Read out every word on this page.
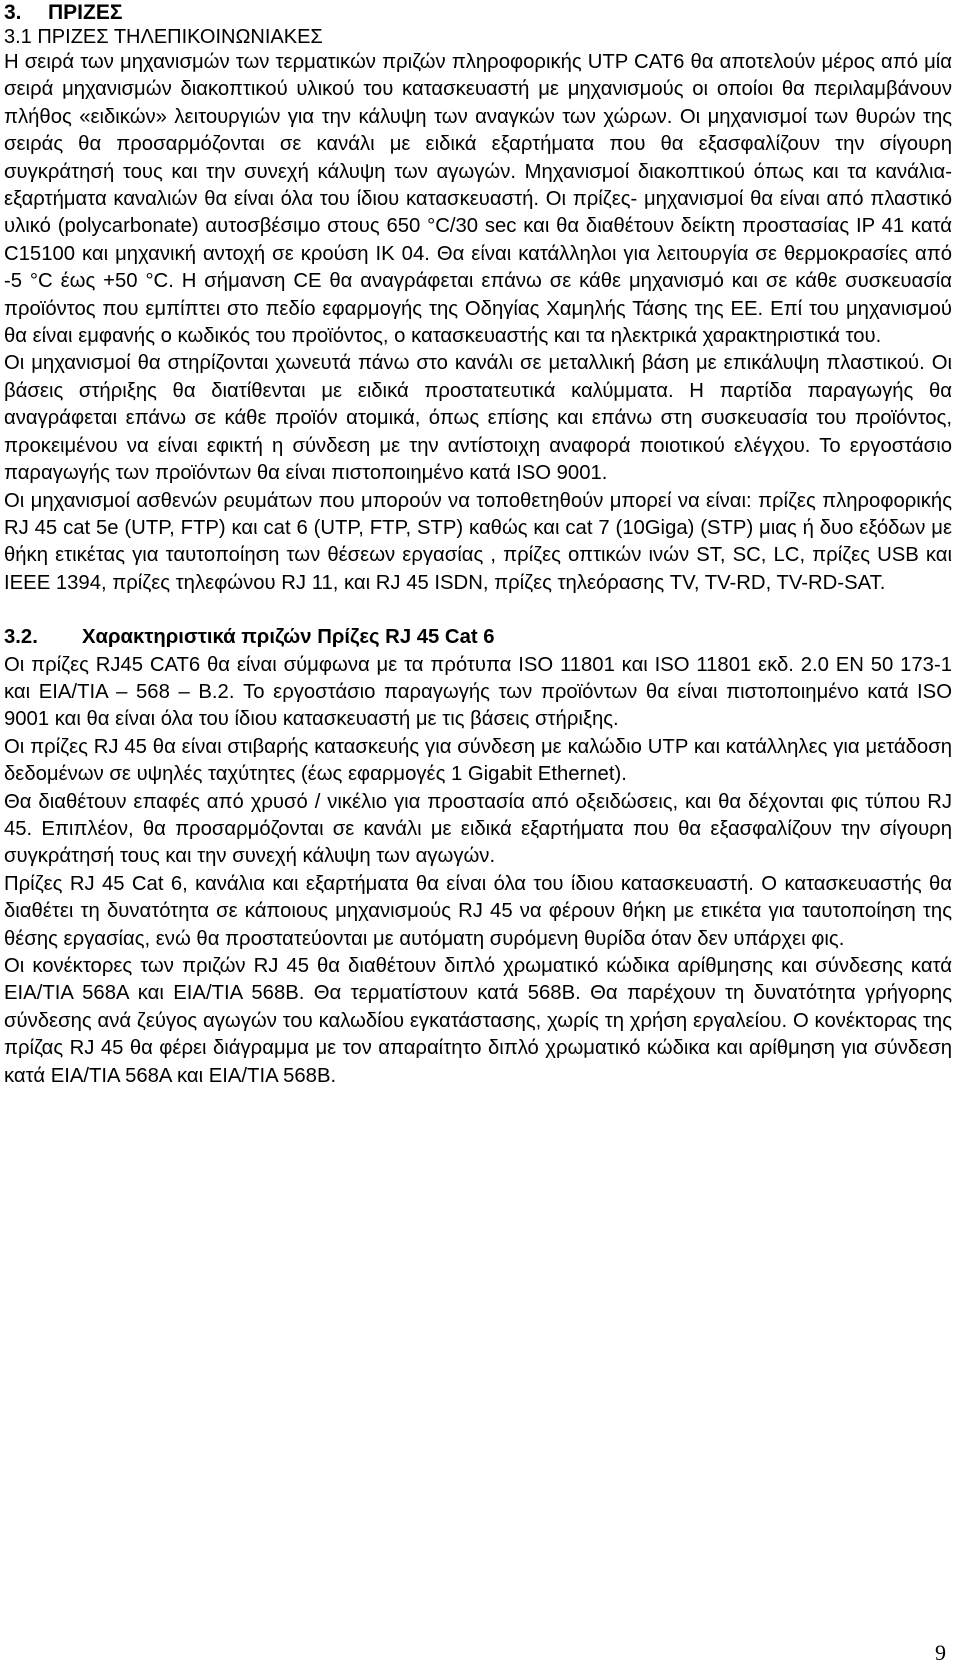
3.	ΠΡΙΖΕΣ
3.1 ΠΡΙΖΕΣ ΤΗΛΕΠΙΚΟΙΝΩΝΙΑΚΕΣ

Η σειρά των μηχανισμών των τερματικών πριζών πληροφορικής UTP CAT6 θα αποτελούν μέρος από μία σειρά μηχανισμών διακοπτικού υλικού του κατασκευαστή με μηχανισμούς οι οποίοι θα περιλαμβάνουν πλήθος «ειδικών» λειτουργιών για την κάλυψη των αναγκών των χώρων. Οι μηχανισμοί των θυρών της σειράς θα προσαρμόζονται σε κανάλι με ειδικά εξαρτήματα που θα εξασφαλίζουν την σίγουρη συγκράτησή τους και την συνεχή κάλυψη των αγωγών. Μηχανισμοί διακοπτικού όπως και τα κανάλια- εξαρτήματα καναλιών θα είναι όλα του ίδιου κατασκευαστή. Οι πρίζες- μηχανισμοί θα είναι από πλαστικό υλικό (polycarbonate) αυτοσβέσιμο στους 650 °C/30 sec και θα διαθέτουν δείκτη προστασίας IP 41 κατά C15100 και μηχανική αντοχή σε κρούση IK 04. Θα είναι κατάλληλοι για λειτουργία σε θερμοκρασίες από -5 °C έως +50 °C. Η σήμανση CE θα αναγράφεται επάνω σε κάθε μηχανισμό και σε κάθε συσκευασία προϊόντος που εμπίπτει στο πεδίο εφαρμογής της Οδηγίας Χαμηλής Τάσης της ΕΕ. Επί του μηχανισμού θα είναι εμφανής ο κωδικός του προϊόντος, ο κατασκευαστής και τα ηλεκτρικά χαρακτηριστικά του.

Οι μηχανισμοί θα στηρίζονται χωνευτά πάνω στο κανάλι σε μεταλλική βάση με επικάλυψη πλαστικού. Οι βάσεις στήριξης θα διατίθενται με ειδικά προστατευτικά καλύμματα. Η παρτίδα παραγωγής θα αναγράφεται επάνω σε κάθε προϊόν ατομικά, όπως επίσης και επάνω στη συσκευασία του προϊόντος, προκειμένου να είναι εφικτή η σύνδεση με την αντίστοιχη αναφορά ποιοτικού ελέγχου. Το εργοστάσιο παραγωγής των προϊόντων θα είναι πιστοποιημένο κατά ISO 9001.

Οι μηχανισμοί ασθενών ρευμάτων που μπορούν να τοποθετηθούν μπορεί να είναι: πρίζες πληροφορικής RJ 45 cat 5e (UTP, FTP) και cat 6 (UTP, FTP, STP) καθώς και cat 7 (10Giga) (STP) μιας ή δυο εξόδων με θήκη ετικέτας για ταυτοποίηση των θέσεων εργασίας , πρίζες οπτικών ινών ST, SC, LC, πρίζες USB και IEEE 1394, πρίζες τηλεφώνου RJ 11, και RJ 45 ISDN, πρίζες τηλεόρασης TV, TV-RD, TV-RD-SAT.

3.2.	Χαρακτηριστικά πριζών Πρίζες RJ 45 Cat 6

Οι πρίζες RJ45 CAT6 θα είναι σύμφωνα με τα πρότυπα ISO 11801 και ISO 11801 εκδ. 2.0 EN 50 173-1 και EIA/TIA – 568 – B.2. Το εργοστάσιο παραγωγής των προϊόντων θα είναι πιστοποιημένο κατά ISO 9001 και θα είναι όλα του ίδιου κατασκευαστή με τις βάσεις στήριξης.

Οι πρίζες RJ 45 θα είναι στιβαρής κατασκευής για σύνδεση με καλώδιο UTP και κατάλληλες για μετάδοση δεδομένων σε υψηλές ταχύτητες (έως εφαρμογές 1 Gigabit Ethernet).

Θα διαθέτουν επαφές από χρυσό / νικέλιο για προστασία από οξειδώσεις, και θα δέχονται φις τύπου RJ 45. Επιπλέον, θα προσαρμόζονται σε κανάλι με ειδικά εξαρτήματα που θα εξασφαλίζουν την σίγουρη συγκράτησή τους και την συνεχή κάλυψη των αγωγών.

Πρίζες RJ 45 Cat 6, κανάλια και εξαρτήματα θα είναι όλα του ίδιου κατασκευαστή. Ο κατασκευαστής θα διαθέτει τη δυνατότητα σε κάποιους μηχανισμούς RJ 45 να φέρουν θήκη με ετικέτα για ταυτοποίηση της θέσης εργασίας, ενώ θα προστατεύονται με αυτόματη συρόμενη θυρίδα όταν δεν υπάρχει φις.

Οι κονέκτορες των πριζών RJ 45 θα διαθέτουν διπλό χρωματικό κώδικα αρίθμησης και σύνδεσης κατά EIA/TIA 568A και EIA/TIA 568B. Θα τερματίστουν κατά 568B. Θα παρέχουν τη δυνατότητα γρήγορης σύνδεσης ανά ζεύγος αγωγών του καλωδίου εγκατάστασης, χωρίς τη χρήση εργαλείου. Ο κονέκτορας της πρίζας RJ 45 θα φέρει διάγραμμα με τον απαραίτητο διπλό χρωματικό κώδικα και αρίθμηση για σύνδεση κατά EIA/TIA 568A και EIA/TIA 568B.

9
